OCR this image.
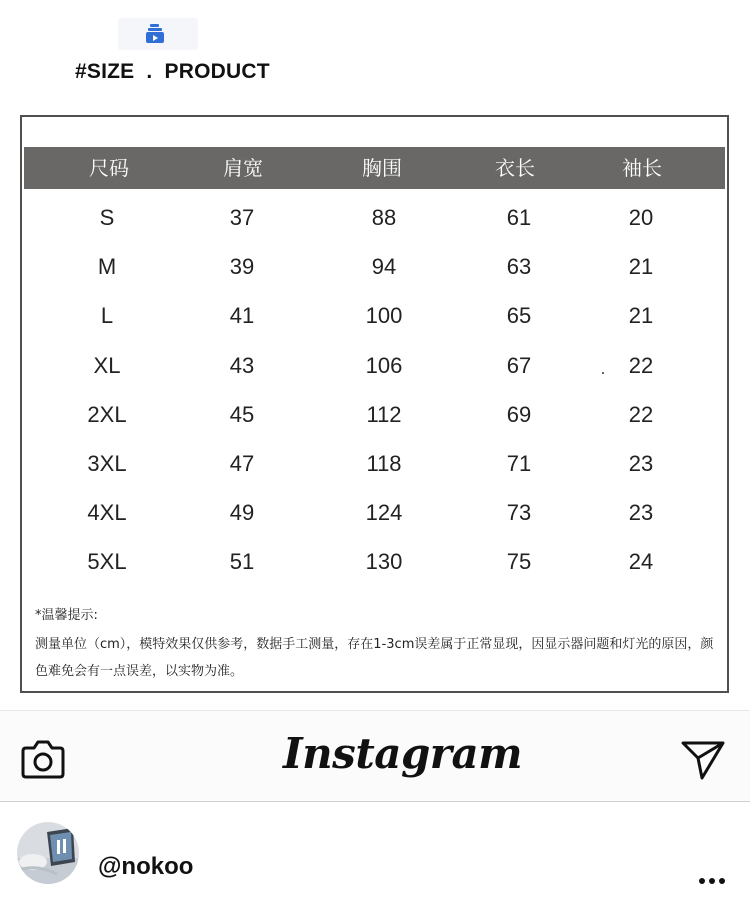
#SIZE  .  PRODUCT
尺码	肩宽	胸围	衣长	袖长
S	37	88	61	20
M	39	94	63	21
L	41	100	65	21
XL	43	106	67	22
2XL	45	112	69	22
3XL	47	118	71	23
4XL	49	124	73	23
5XL	51	130	75	24
*温馨提示:
测量单位（cm），模特效果仅供参考，数据手工测量，存在1-3cm误差属于正常显现，因显示器问题和灯光的原因，颜色难免会有一点误差，以实物为准。
Instagram
@nokoo
